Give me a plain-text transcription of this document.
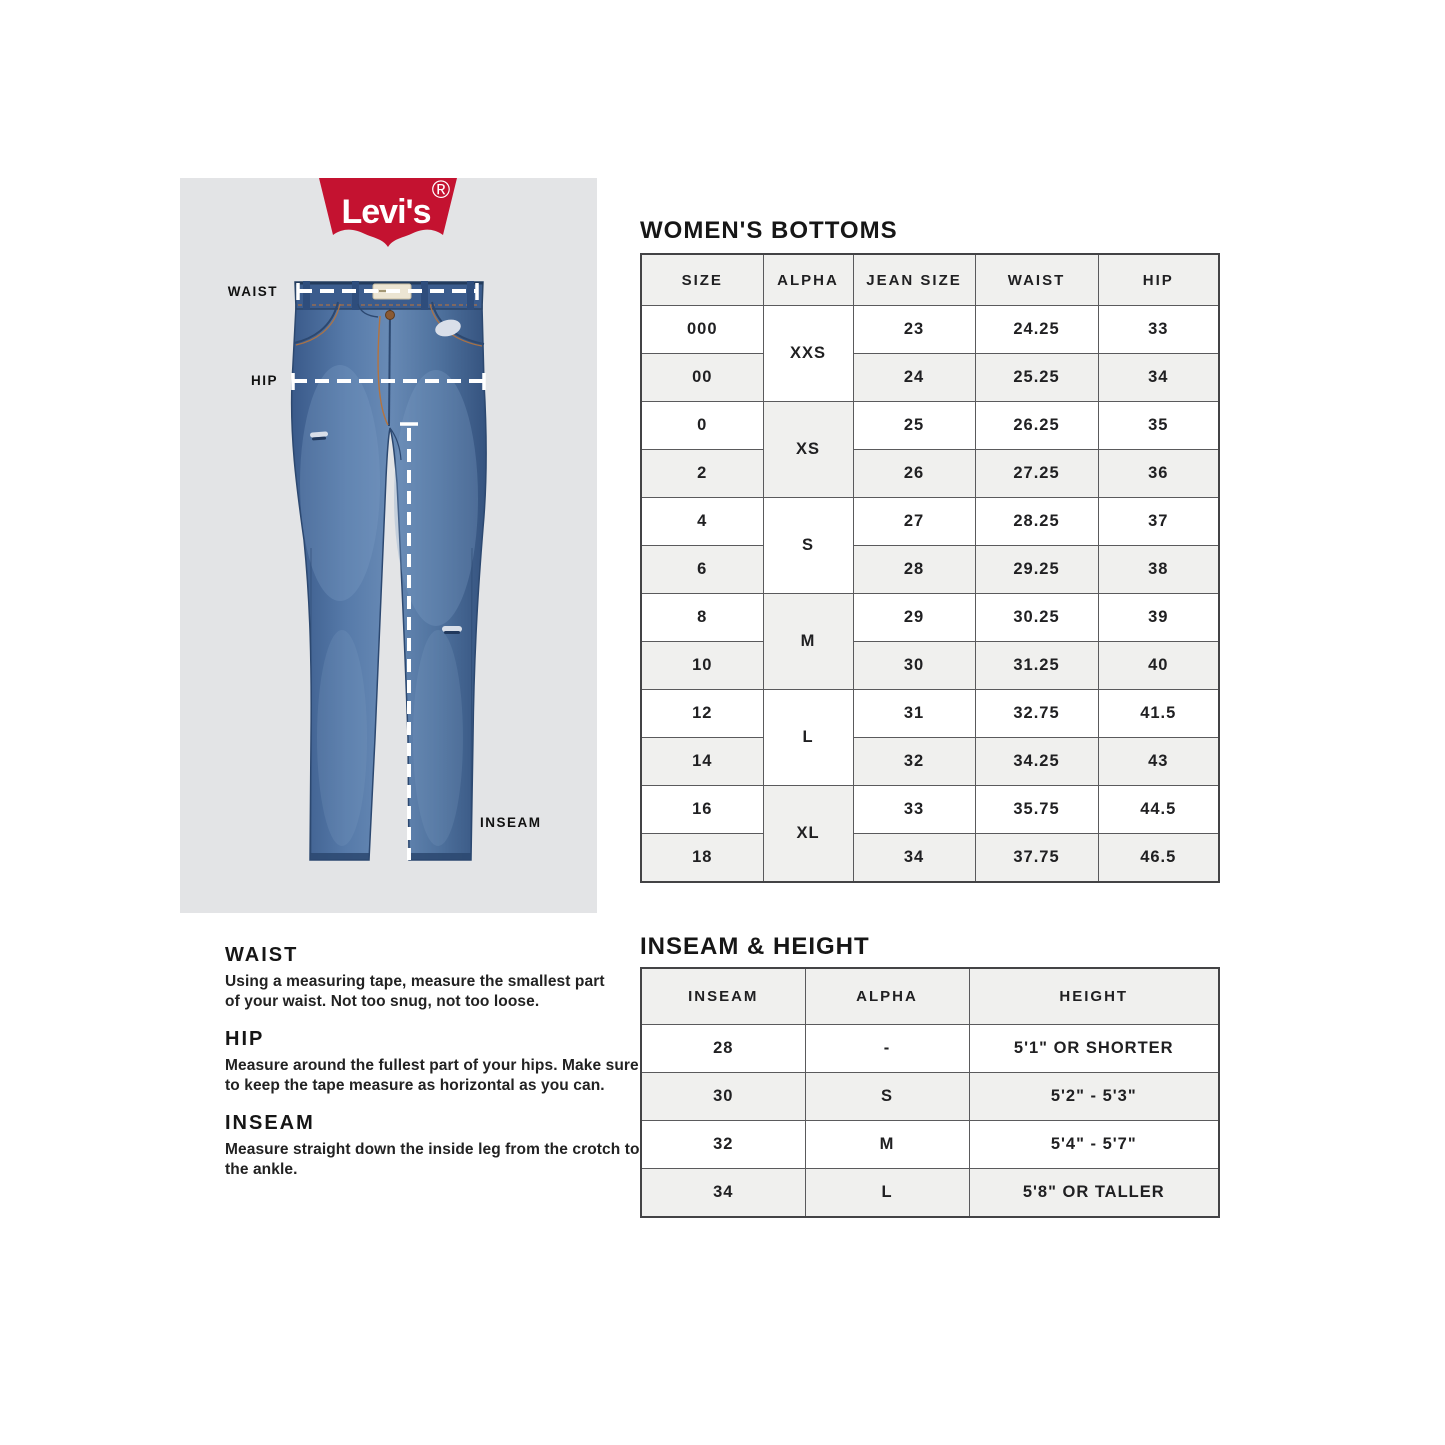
Levi's
®
WAIST
HIP
INSEAM
WAIST
Using a measuring tape, measure the smallest part
of your waist. Not too snug, not too loose.
HIP
Measure around the fullest part of your hips. Make sure
to keep the tape measure as horizontal as you can.
INSEAM
Measure straight down the inside leg from the crotch to
the ankle.
WOMEN'S BOTTOMS
SIZE	ALPHA	JEAN SIZE	WAIST	HIP
000	XXS	23	24.25	33
00		24	25.25	34
0	XS	25	26.25	35
2		26	27.25	36
4	S	27	28.25	37
6		28	29.25	38
8	M	29	30.25	39
10		30	31.25	40
12	L	31	32.75	41.5
14		32	34.25	43
16	XL	33	35.75	44.5
18		34	37.75	46.5
INSEAM & HEIGHT
INSEAM	ALPHA	HEIGHT
28	-	5'1" OR SHORTER
30	S	5'2" - 5'3"
32	M	5'4" - 5'7"
34	L	5'8" OR TALLER
